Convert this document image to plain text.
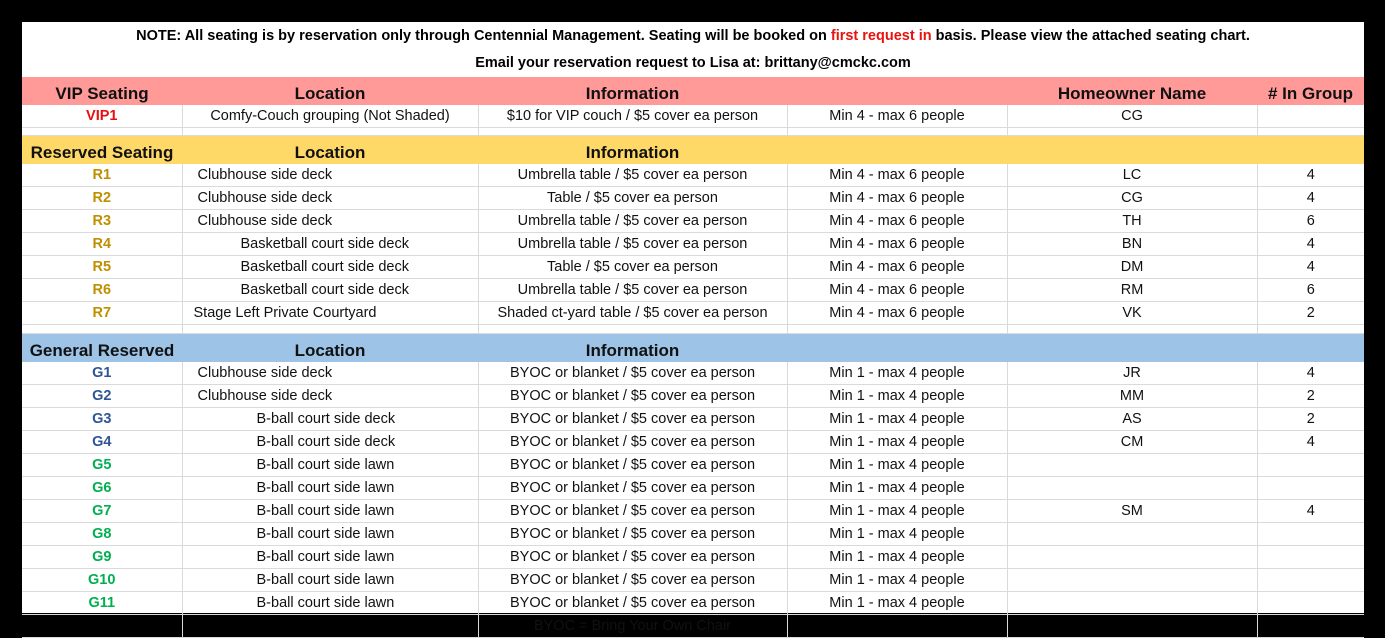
NOTE: All seating is by reservation only through Centennial Management. Seating will be booked on first request in basis. Please view the attached seating chart.
Email your reservation request to Lisa at: brittany@cmckc.com
VIP Seating	Location	Information		Homeowner Name	# In Group
VIP1	Comfy-Couch grouping (Not Shaded)	$10 for VIP couch / $5 cover ea person	Min 4 - max 6 people	CG	

Reserved Seating	Location	Information			
R1	Clubhouse side deck	Umbrella table / $5 cover ea person	Min 4 - max 6 people	LC	4
R2	Clubhouse side deck	Table / $5 cover ea person	Min 4 - max 6 people	CG	4
R3	Clubhouse side deck	Umbrella table / $5 cover ea person	Min 4 - max 6 people	TH	6
R4	Basketball court side deck	Umbrella table / $5 cover ea person	Min 4 - max 6 people	BN	4
R5	Basketball court side deck	Table / $5 cover ea person	Min 4 - max 6 people	DM	4
R6	Basketball court side deck	Umbrella table / $5 cover ea person	Min 4 - max 6 people	RM	6
R7	Stage Left Private Courtyard	Shaded ct-yard table / $5 cover ea person	Min 4 - max 6 people	VK	2

General Reserved	Location	Information			
G1	Clubhouse side deck	BYOC or blanket / $5 cover ea person	Min 1 - max 4 people	JR	4
G2	Clubhouse side deck	BYOC or blanket / $5 cover ea person	Min 1 - max 4 people	MM	2
G3	B-ball court side deck	BYOC or blanket / $5 cover ea person	Min 1 - max 4 people	AS	2
G4	B-ball court side deck	BYOC or blanket / $5 cover ea person	Min 1 - max 4 people	CM	4
G5	B-ball court side lawn	BYOC or blanket / $5 cover ea person	Min 1 - max 4 people		
G6	B-ball court side lawn	BYOC or blanket / $5 cover ea person	Min 1 - max 4 people		
G7	B-ball court side lawn	BYOC or blanket / $5 cover ea person	Min 1 - max 4 people	SM	4
G8	B-ball court side lawn	BYOC or blanket / $5 cover ea person	Min 1 - max 4 people		
G9	B-ball court side lawn	BYOC or blanket / $5 cover ea person	Min 1 - max 4 people		
G10	B-ball court side lawn	BYOC or blanket / $5 cover ea person	Min 1 - max 4 people		
G11	B-ball court side lawn	BYOC or blanket / $5 cover ea person	Min 1 - max 4 people		
		BYOC = Bring Your Own Chair			
